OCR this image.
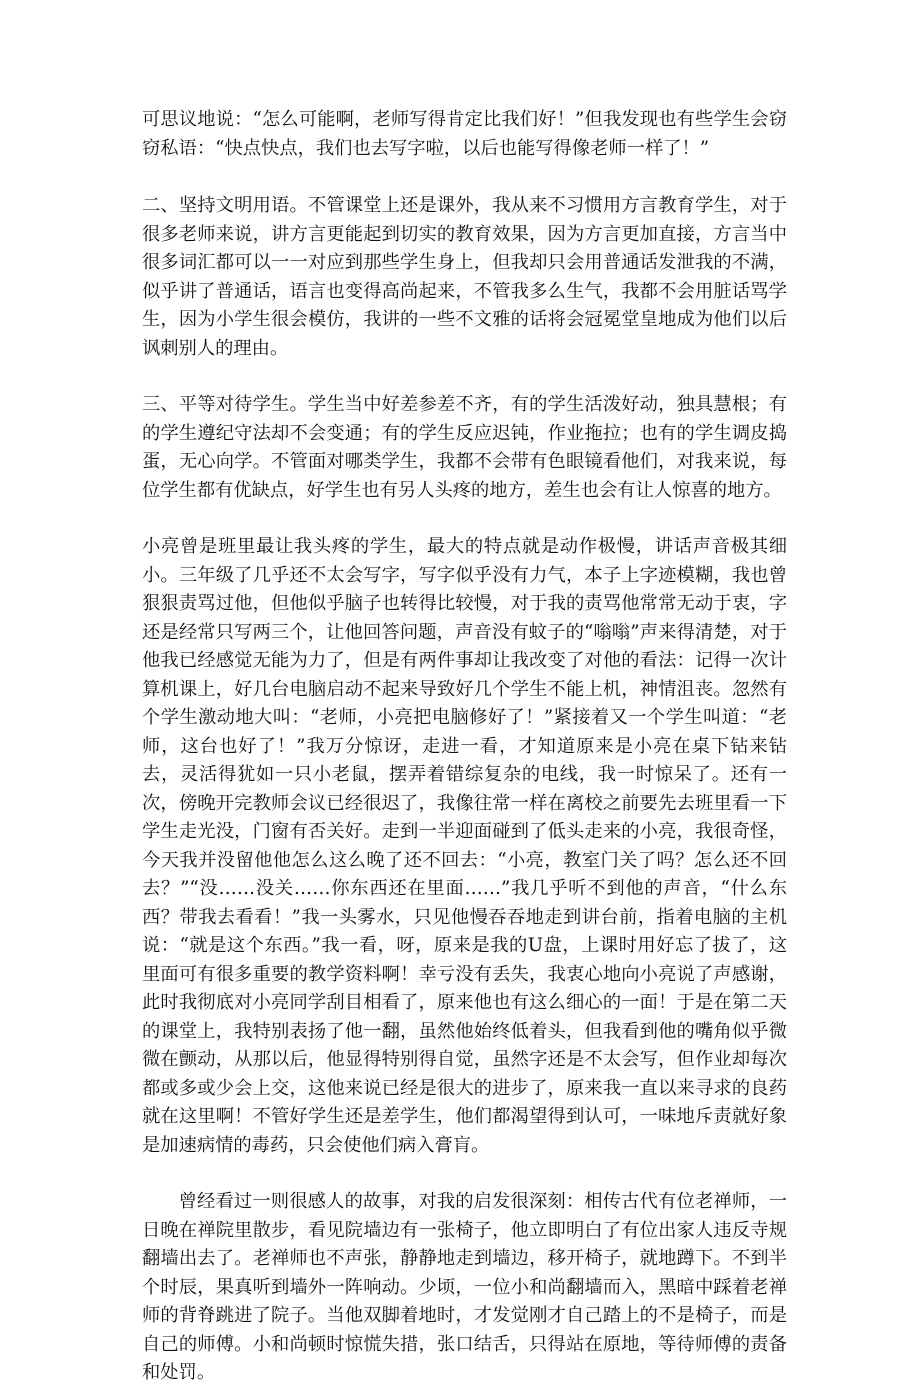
可思议地说：“怎么可能啊，老师写得肯定比我们好！”但我发现也有些学生会窃窃私语：“快点快点，我们也去写字啦，以后也能写得像老师一样了！”

二、坚持文明用语。不管课堂上还是课外，我从来不习惯用方言教育学生，对于很多老师来说，讲方言更能起到切实的教育效果，因为方言更加直接，方言当中很多词汇都可以一一对应到那些学生身上，但我却只会用普通话发泄我的不满，似乎讲了普通话，语言也变得高尚起来，不管我多么生气，我都不会用脏话骂学生，因为小学生很会模仿，我讲的一些不文雅的话将会冠冕堂皇地成为他们以后讽刺别人的理由。

三、平等对待学生。学生当中好差参差不齐，有的学生活泼好动，独具慧根；有的学生遵纪守法却不会变通；有的学生反应迟钝，作业拖拉；也有的学生调皮捣蛋，无心向学。不管面对哪类学生，我都不会带有色眼镜看他们，对我来说，每位学生都有优缺点，好学生也有另人头疼的地方，差生也会有让人惊喜的地方。

小亮曾是班里最让我头疼的学生，最大的特点就是动作极慢，讲话声音极其细小。三年级了几乎还不太会写字，写字似乎没有力气，本子上字迹模糊，我也曾狠狠责骂过他，但他似乎脑子也转得比较慢，对于我的责骂他常常无动于衷，字还是经常只写两三个，让他回答问题，声音没有蚊子的“嗡嗡”声来得清楚，对于他我已经感觉无能为力了，但是有两件事却让我改变了对他的看法：记得一次计算机课上，好几台电脑启动不起来导致好几个学生不能上机，神情沮丧。忽然有个学生激动地大叫：“老师，小亮把电脑修好了！”紧接着又一个学生叫道：“老师，这台也好了！”我万分惊讶，走进一看，才知道原来是小亮在桌下钻来钻去，灵活得犹如一只小老鼠，摆弄着错综复杂的电线，我一时惊呆了。还有一次，傍晚开完教师会议已经很迟了，我像往常一样在离校之前要先去班里看一下学生走光没，门窗有否关好。走到一半迎面碰到了低头走来的小亮，我很奇怪，今天我并没留他他怎么这么晚了还不回去：“小亮，教室门关了吗？怎么还不回去？”“没……没关……你东西还在里面……”我几乎听不到他的声音，“什么东西？带我去看看！”我一头雾水，只见他慢吞吞地走到讲台前，指着电脑的主机说：“就是这个东西。”我一看，呀，原来是我的U盘，上课时用好忘了拔了，这里面可有很多重要的教学资料啊！幸亏没有丢失，我衷心地向小亮说了声感谢，此时我彻底对小亮同学刮目相看了，原来他也有这么细心的一面！于是在第二天的课堂上，我特别表扬了他一翻，虽然他始终低着头，但我看到他的嘴角似乎微微在颤动，从那以后，他显得特别得自觉，虽然字还是不太会写，但作业却每次都或多或少会上交，这他来说已经是很大的进步了，原来我一直以来寻求的良药就在这里啊！不管好学生还是差学生，他们都渴望得到认可，一味地斥责就好象是加速病情的毒药，只会使他们病入膏肓。

曾经看过一则很感人的故事，对我的启发很深刻：相传古代有位老禅师，一日晚在禅院里散步，看见院墙边有一张椅子，他立即明白了有位出家人违反寺规翻墙出去了。老禅师也不声张，静静地走到墙边，移开椅子，就地蹲下。不到半个时辰，果真听到墙外一阵响动。少顷，一位小和尚翻墙而入，黑暗中踩着老禅师的背脊跳进了院子。当他双脚着地时，才发觉刚才自己踏上的不是椅子，而是自己的师傅。小和尚顿时惊慌失措，张口结舌，只得站在原地，等待师傅的责备和处罚。
